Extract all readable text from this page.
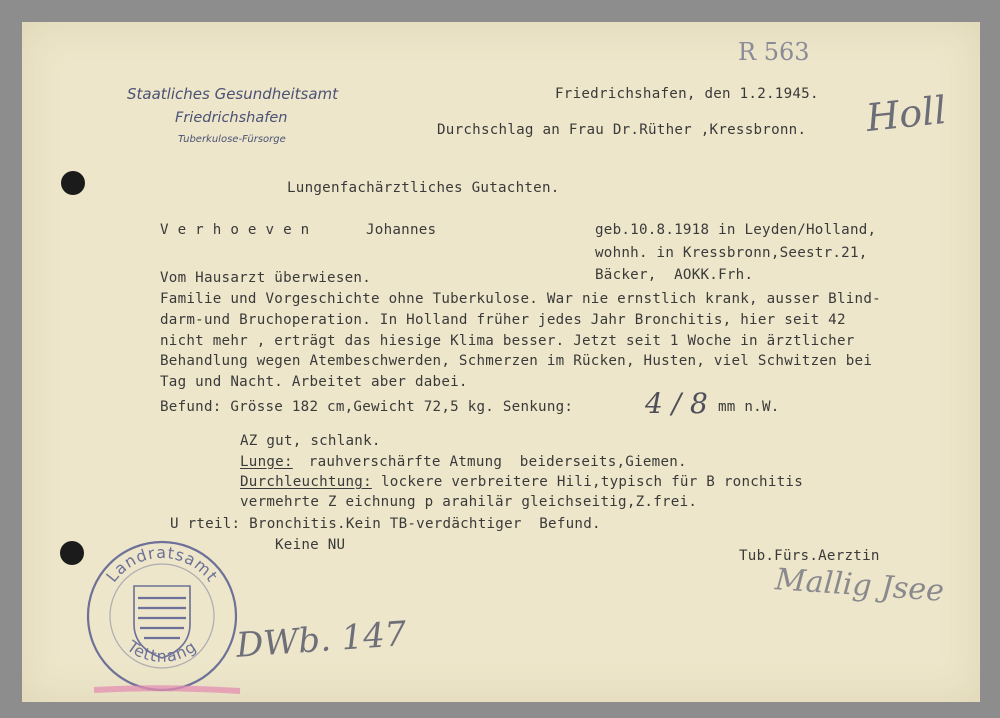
R 563
Staatliches Gesundheitsamt
Friedrichshafen
Tuberkulose-Fürsorge
Friedrichshafen, den 1.2.1945.
Durchschlag an Frau Dr.Rüther ,Kressbronn. Holl
Lungenfachärztliches Gutachten.
V e r h o e v e n	Johannes	geb.10.8.1918 in Leyden/Holland,
wohnh. in Kressbronn,Seestr.21,
Bäcker,  AOKK.Frh.
Vom Hausarzt überwiesen.
Familie und Vorgeschichte ohne Tuberkulose. War nie ernstlich krank, ausser Blind-
darm-und Bruchoperation. In Holland früher jedes Jahr Bronchitis, hier seit 42
nicht mehr , erträgt das hiesige Klima besser. Jetzt seit 1 Woche in ärztlicher
Behandlung wegen Atembeschwerden, Schmerzen im Rücken, Husten, viel Schwitzen bei
Tag und Nacht. Arbeitet aber dabei.
Befund: Grösse 182 cm,Gewicht 72,5 kg. Senkung:	4 / 8 mm n.W.
AZ gut, schlank.
Lunge: rauhverschärfte Atmung  beiderseits,Giemen.
Durchleuchtung: lockere verbreitere Hili,typisch für B ronchitis
vermehrte Z eichnung p arahilär gleichseitig,Z.frei.
U rteil: Bronchitis.Kein TB-verdächtiger  Befund.
Keine NU
Tub.Fürs.Aerztin
Mallig Jsee
Landratsamt
Tettnang DWb. 147
